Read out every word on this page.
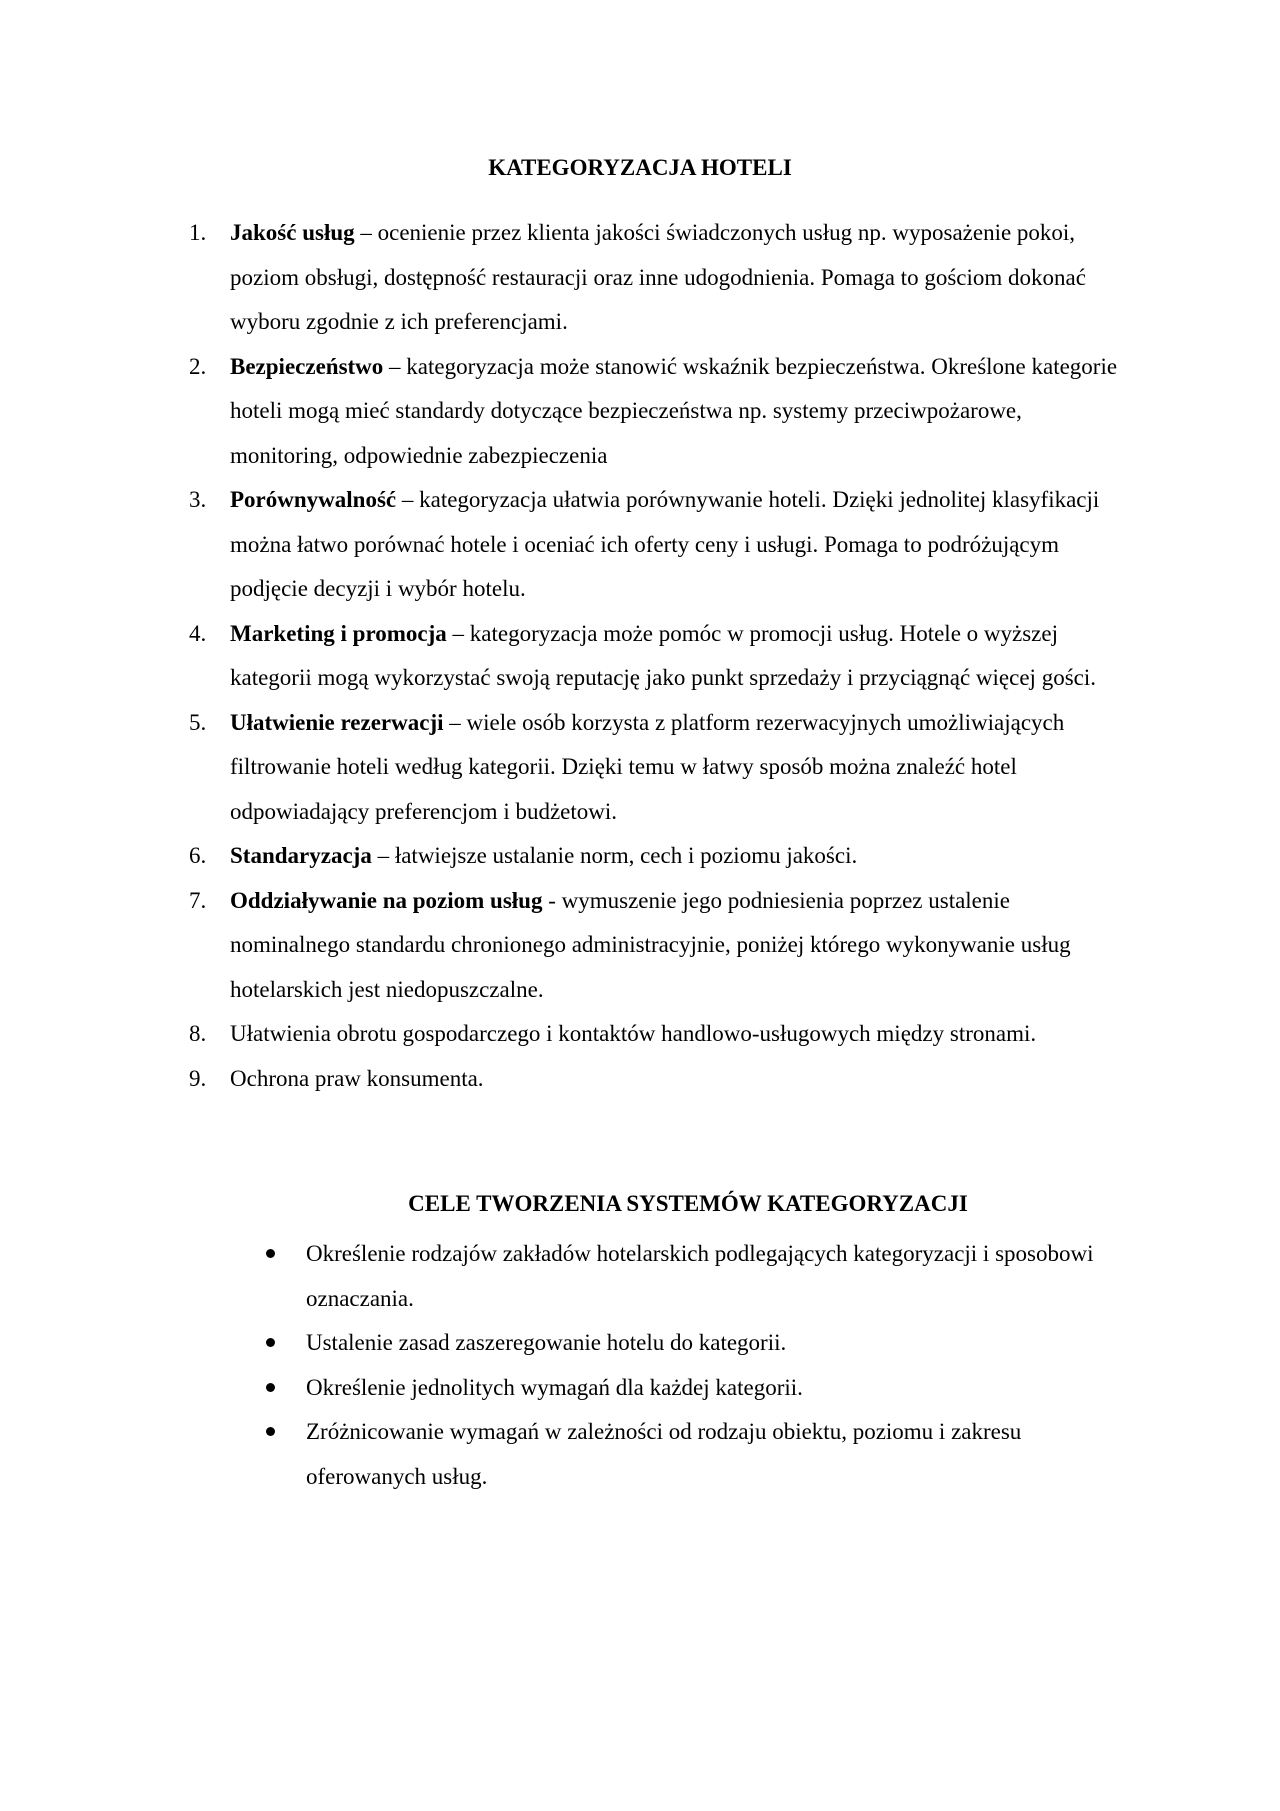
KATEGORYZACJA HOTELI
1. Jakość usług – ocenienie przez klienta jakości świadczonych usług np. wyposażenie pokoi, poziom obsługi, dostępność restauracji oraz inne udogodnienia. Pomaga to gościom dokonać wyboru zgodnie z ich preferencjami.
2. Bezpieczeństwo – kategoryzacja może stanowić wskaźnik bezpieczeństwa. Określone kategorie hoteli mogą mieć standardy dotyczące bezpieczeństwa np. systemy przeciwpożarowe, monitoring, odpowiednie zabezpieczenia
3. Porównywalność – kategoryzacja ułatwia porównywanie hoteli. Dzięki jednolitej klasyfikacji można łatwo porównać hotele i oceniać ich oferty ceny i usługi. Pomaga to podróżującym podjęcie decyzji i wybór hotelu.
4. Marketing i promocja – kategoryzacja może pomóc w promocji usług. Hotele o wyższej kategorii mogą wykorzystać swoją reputację jako punkt sprzedaży i przyciągnąć więcej gości.
5. Ułatwienie rezerwacji – wiele osób korzysta z platform rezerwacyjnych umożliwiających filtrowanie hoteli według kategorii. Dzięki temu w łatwy sposób można znaleźć hotel odpowiadający preferencjom i budżetowi.
6. Standaryzacja – łatwiejsze ustalanie norm, cech i poziomu jakości.
7. Oddziaływanie na poziom usług - wymuszenie jego podniesienia poprzez ustalenie nominalnego standardu chronionego administracyjnie, poniżej którego wykonywanie usług hotelarskich jest niedopuszczalne.
8. Ułatwienia obrotu gospodarczego i kontaktów handlowo-usługowych między stronami.
9. Ochrona praw konsumenta.
CELE TWORZENIA SYSTEMÓW KATEGORYZACJI
Określenie rodzajów zakładów hotelarskich podlegających kategoryzacji i sposobowi oznaczania.
Ustalenie zasad zaszeregowanie hotelu do kategorii.
Określenie jednolitych wymagań dla każdej kategorii.
Zróżnicowanie wymagań w zależności od rodzaju obiektu, poziomu i zakresu oferowanych usług.
